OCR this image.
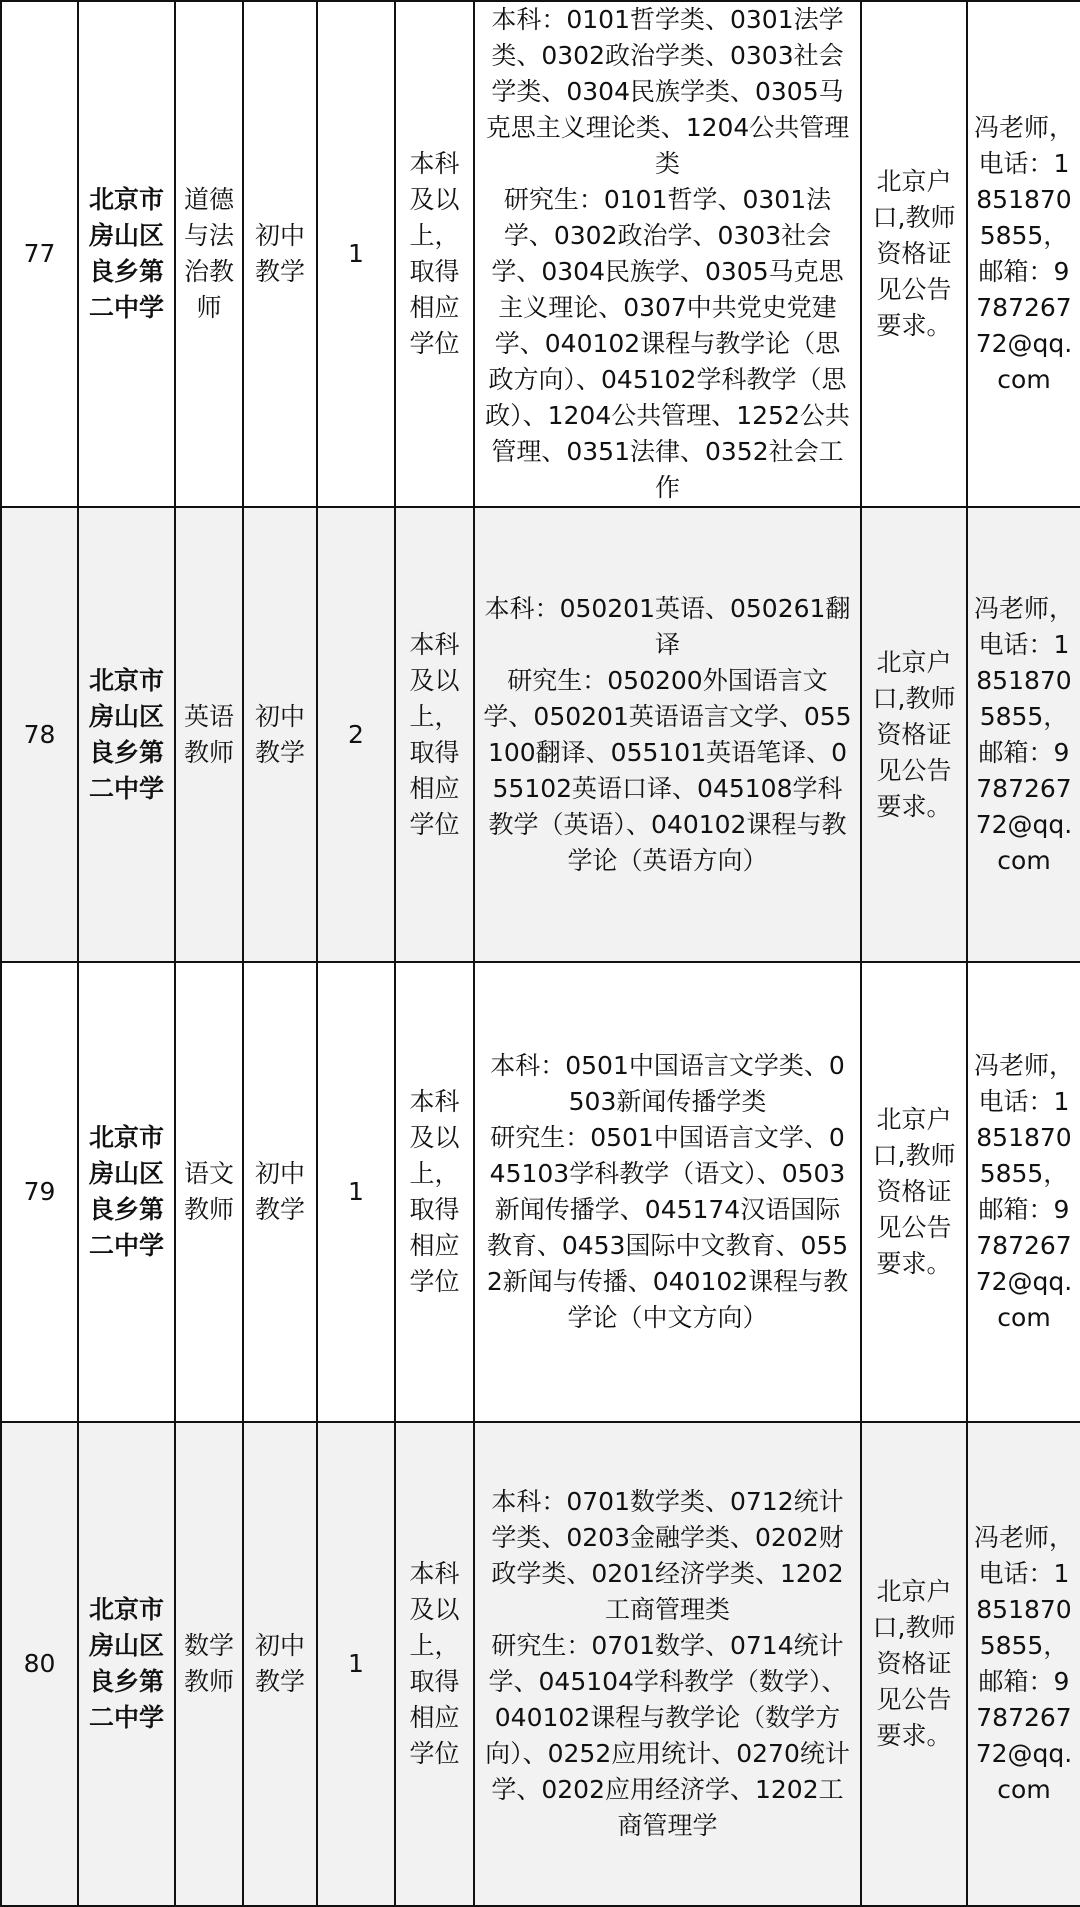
77	北京市房山区良乡第二中学	道德与法治教师	初中教学	1	本科及以上，取得相应学位	本科：0101哲学类、0301法学类、0302政治学类、0303社会学类、0304民族学类、0305马克思主义理论类、1204公共管理类
研究生：0101哲学、0301法学、0302政治学、0303社会学、0304民族学、0305马克思主义理论、0307中共党史党建学、040102课程与教学论（思政方向）、045102学科教学（思政）、1204公共管理、1252公共管理、0351法律、0352社会工作	北京户口,教师资格证见公告要求。	冯老师，电话：18518705855，邮箱：978726772@qq.com
78	北京市房山区良乡第二中学	英语教师	初中教学	2	本科及以上，取得相应学位	本科：050201英语、050261翻译
研究生：050200外国语言文学、050201英语语言文学、055100翻译、055101英语笔译、055102英语口译、045108学科教学（英语）、040102课程与教学论（英语方向）	北京户口,教师资格证见公告要求。	冯老师，电话：18518705855，邮箱：978726772@qq.com
79	北京市房山区良乡第二中学	语文教师	初中教学	1	本科及以上，取得相应学位	本科：0501中国语言文学类、0503新闻传播学类
研究生：0501中国语言文学、045103学科教学（语文）、0503新闻传播学、045174汉语国际教育、0453国际中文教育、0552新闻与传播、040102课程与教学论（中文方向）	北京户口,教师资格证见公告要求。	冯老师，电话：18518705855，邮箱：978726772@qq.com
80	北京市房山区良乡第二中学	数学教师	初中教学	1	本科及以上，取得相应学位	本科：0701数学类、0712统计学类、0203金融学类、0202财政学类、0201经济学类、1202工商管理类
研究生：0701数学、0714统计学、045104学科教学（数学）、040102课程与教学论（数学方向）、0252应用统计、0270统计学、0202应用经济学、1202工商管理学	北京户口,教师资格证见公告要求。	冯老师，电话：18518705855，邮箱：978726772@qq.com
